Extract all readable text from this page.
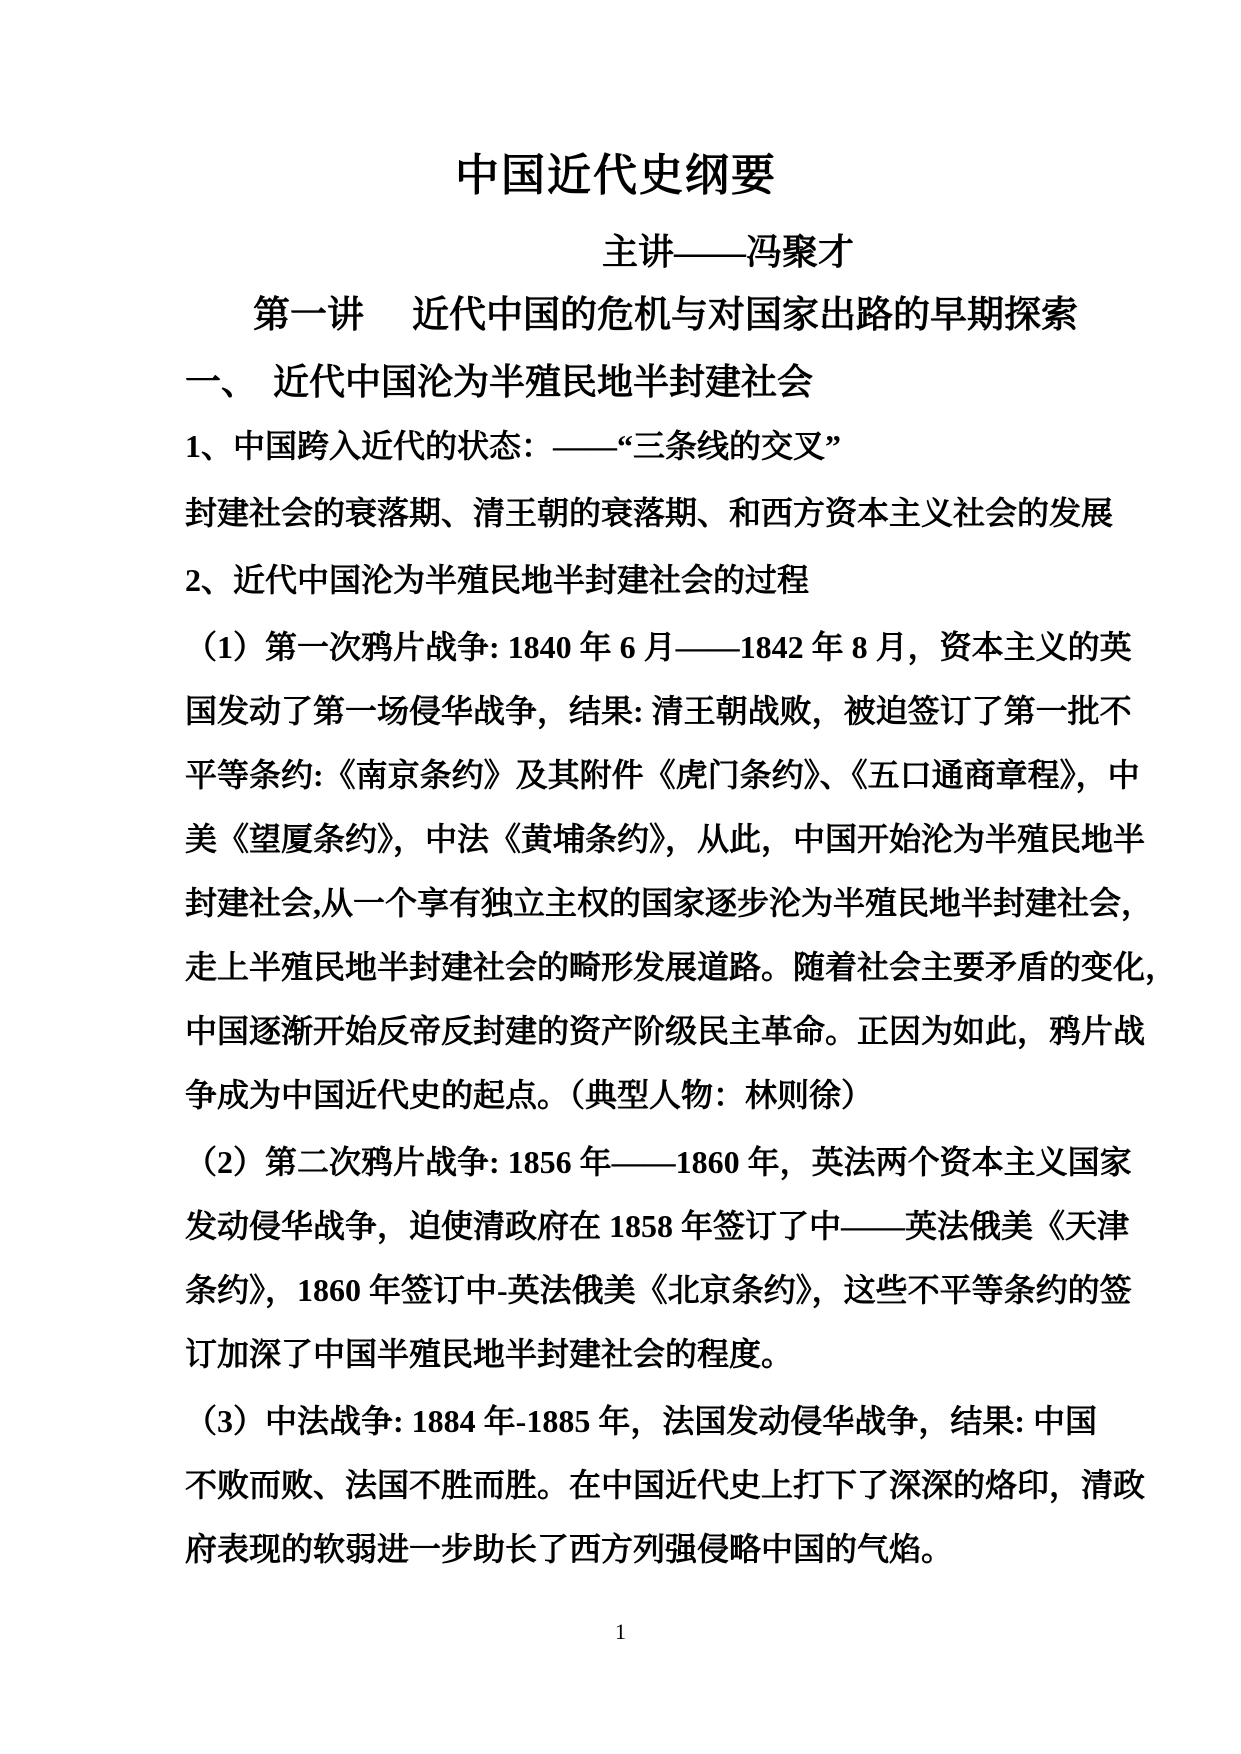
中国近代史纲要
主讲——冯聚才
第一讲 近代中国的危机与对国家出路的早期探索
一、 近代中国沦为半殖民地半封建社会
1、中国跨入近代的状态：——“三条线的交叉”
封建社会的衰落期、清王朝的衰落期、和西方资本主义社会的发展
2、近代中国沦为半殖民地半封建社会的过程
（1）第一次鸦片战争: 1840 年 6 月——1842 年 8 月，资本主义的英
国发动了第一场侵华战争，结果: 清王朝战败，被迫签订了第一批不
平等条约:《南京条约》及其附件《虎门条约》、《五口通商章程》，中
美《望厦条约》，中法《黄埔条约》，从此，中国开始沦为半殖民地半
封建社会,从一个享有独立主权的国家逐步沦为半殖民地半封建社会，
走上半殖民地半封建社会的畸形发展道路。随着社会主要矛盾的变化，
中国逐渐开始反帝反封建的资产阶级民主革命。正因为如此，鸦片战
争成为中国近代史的起点。（典型人物：林则徐）
（2）第二次鸦片战争: 1856 年——1860 年，英法两个资本主义国家
发动侵华战争，迫使清政府在 1858 年签订了中——英法俄美《天津
条约》，1860 年签订中-英法俄美《北京条约》，这些不平等条约的签
订加深了中国半殖民地半封建社会的程度。
（3）中法战争: 1884 年-1885 年，法国发动侵华战争，结果: 中国
不败而败、法国不胜而胜。在中国近代史上打下了深深的烙印，清政
府表现的软弱进一步助长了西方列强侵略中国的气焰。
1
